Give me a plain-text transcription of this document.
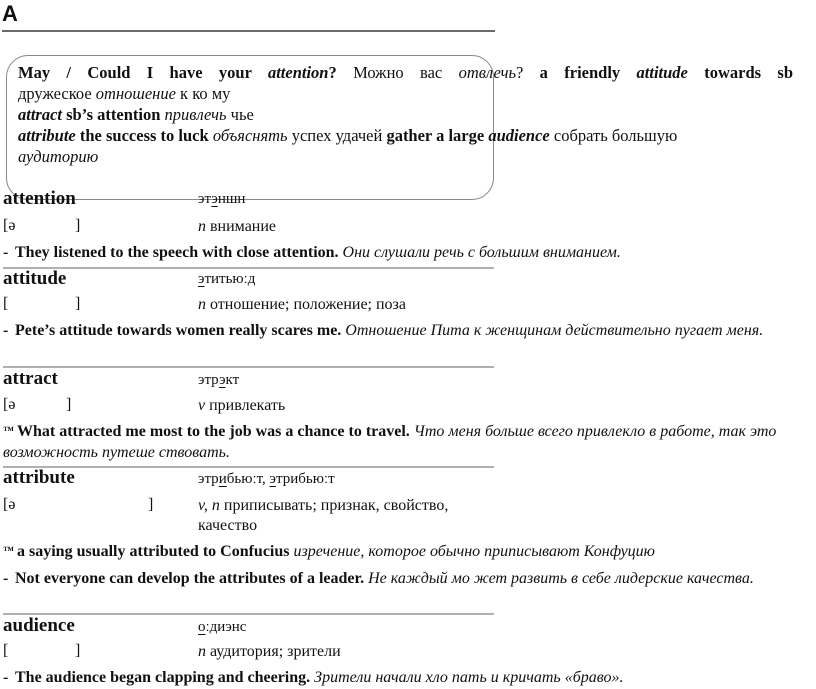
A

May / Could I have your attention? Можно вас отвлечь? a friendly attitude towards sb

дружеское отношение к ко му

attract sb’s attention привлечь чье

attribute the success to luck объяснять успех удачей gather a large audience собрать большую

аудиторию

attention	этэншн
[ə	]	n внимание
- They listened to the speech with close attention. Они слушали речь с большим вниманием.
attitude	этитьюːд
[	]	n отношение; положение; поза
- Pete’s attitude towards women really scares me. Отношение Пита к женщинам действительно пугает меня.
attract	этрэкт
[ə	]	v привлекать
™ What attracted me most to the job was a chance to travel. Что меня больше всего привлекло в работе, так это возможность путеше ствовать.
attribute	этрибьюːт, этрибьюːт
[ə	]	v, n приписывать; признак, свойство, качество
™ a saying usually attributed to Confucius изречение, которое обычно приписывают Конфуцию
- Not everyone can develop the attributes of a leader. Не каждый мо жет развить в себе лидерские качества.
audience	оːдиэнс
[	]	n аудитория; зрители
- The audience began clapping and cheering. Зрители начали хло пать и кричать «браво».
